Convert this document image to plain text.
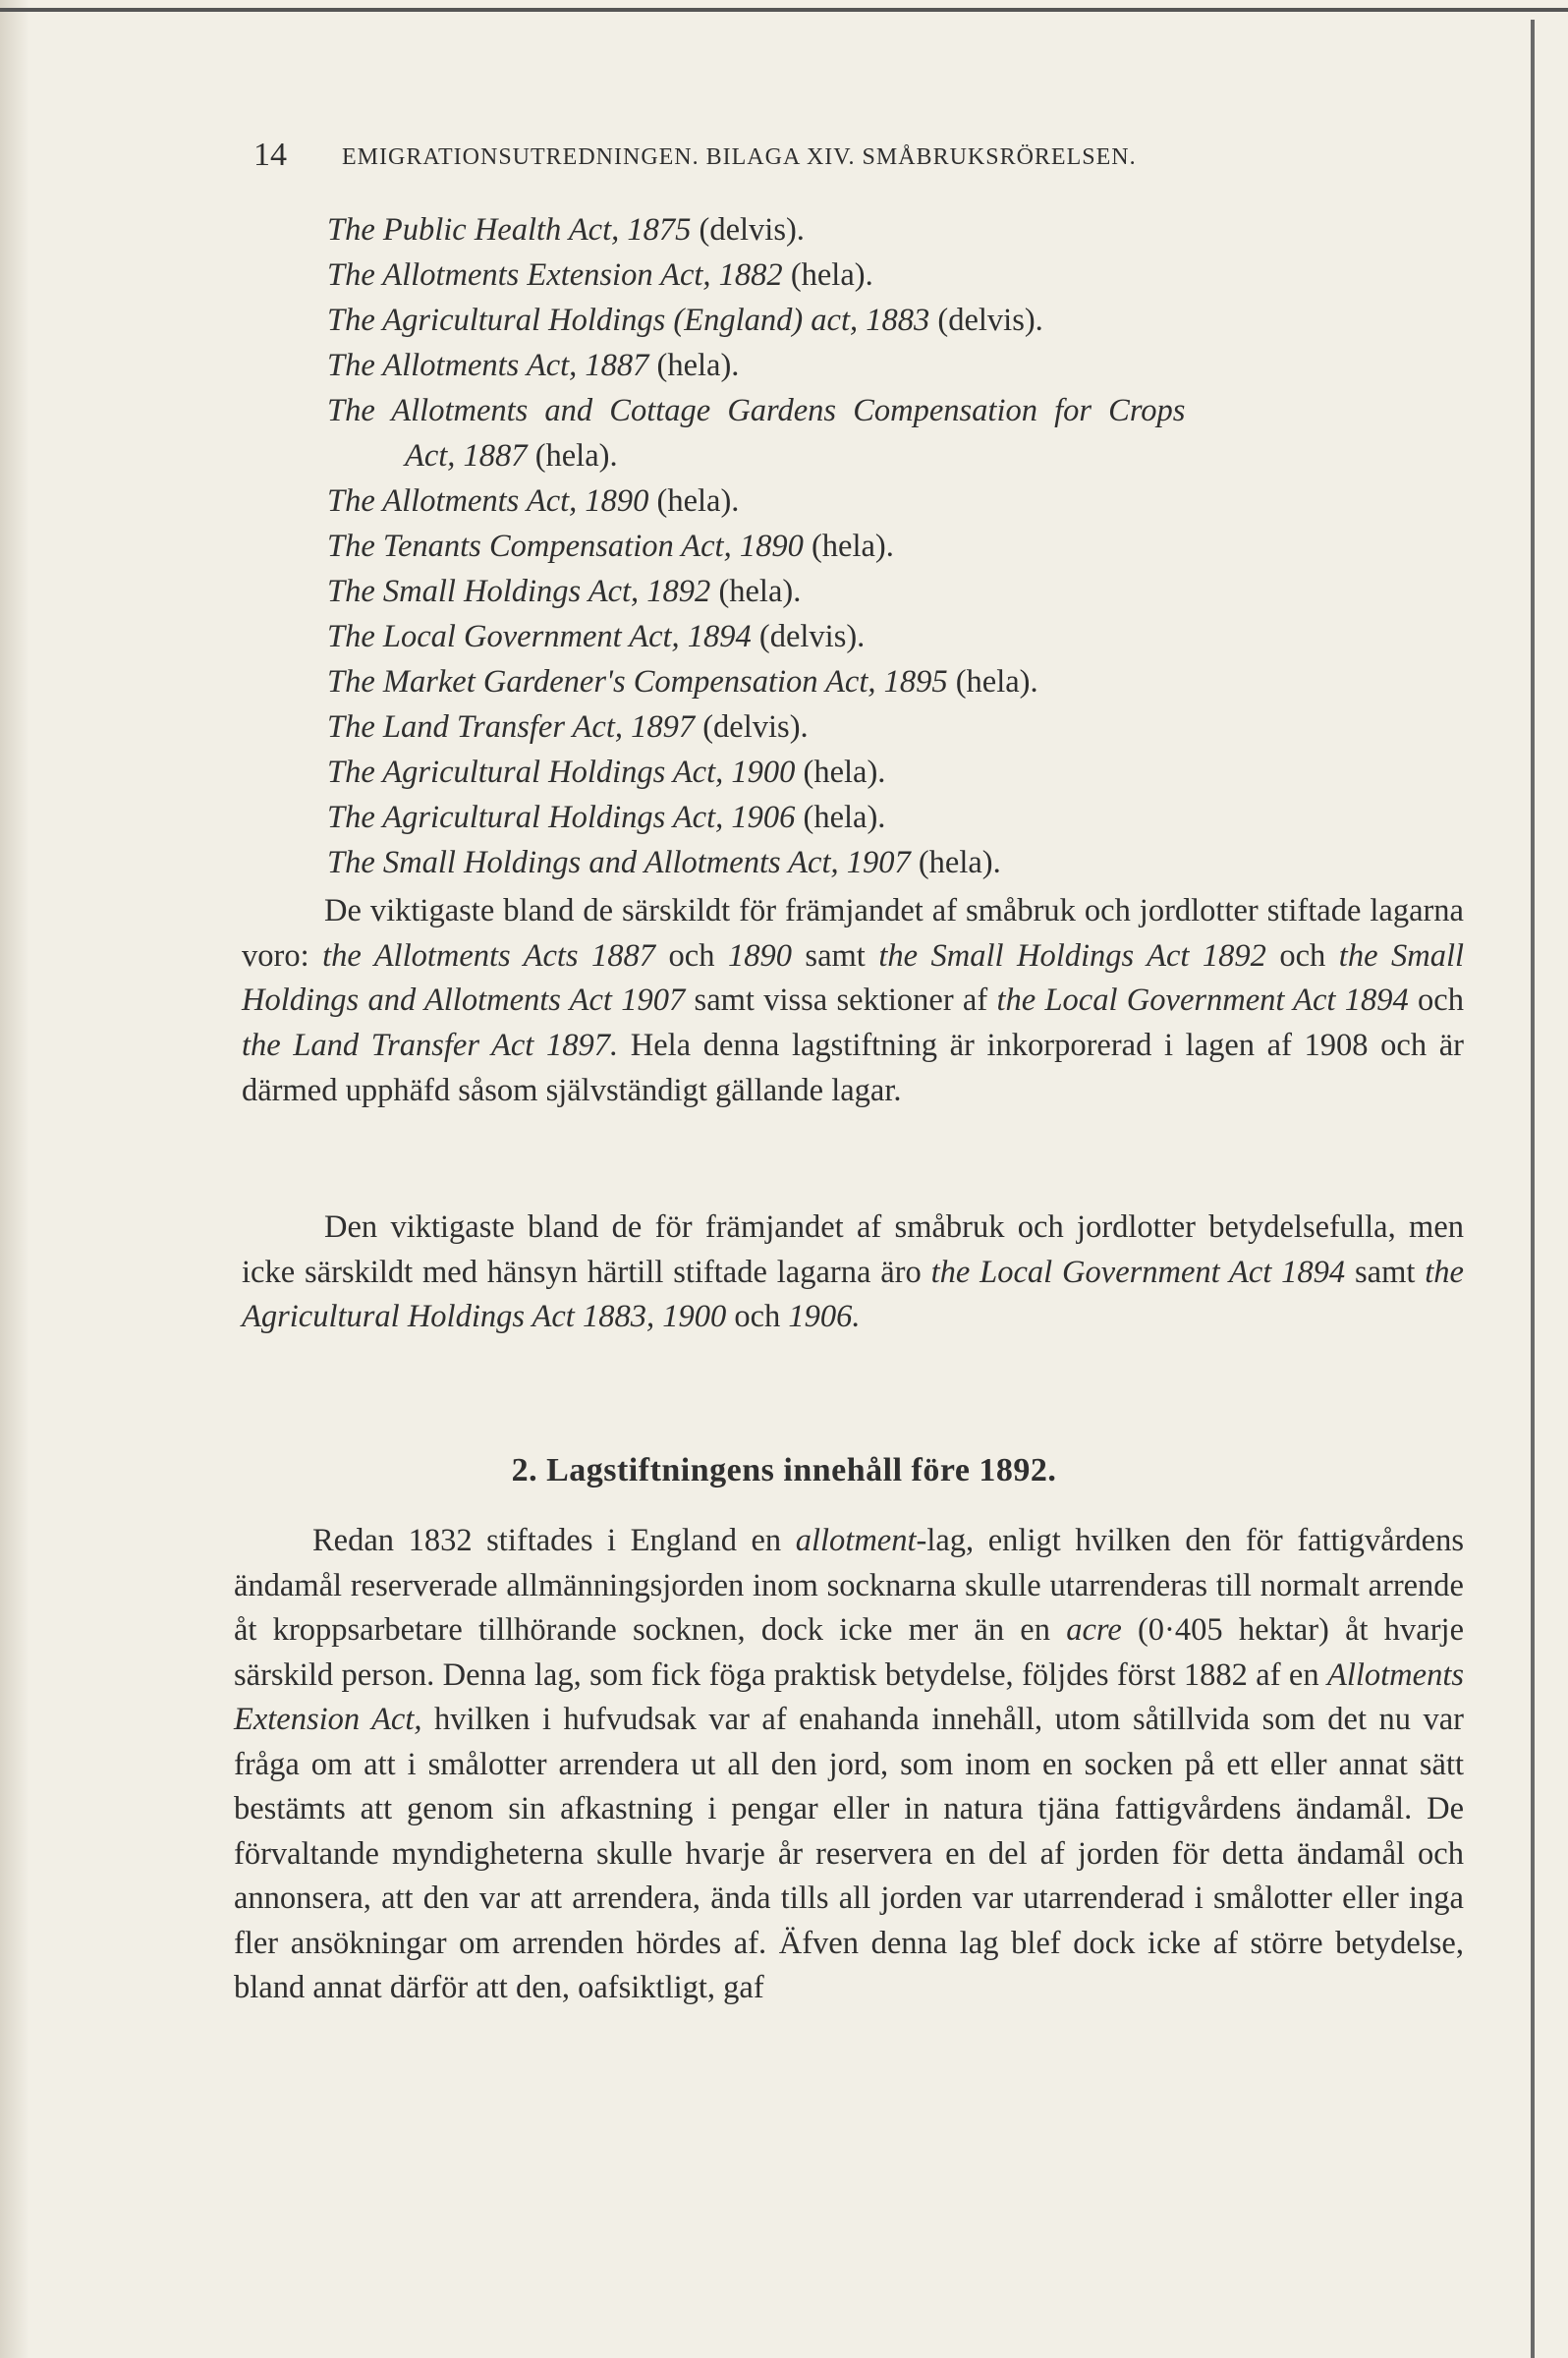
14 EMIGRATIONSUTREDNINGEN. BILAGA XIV. SMÅBRUKSRÖRELSEN.
The Public Health Act, 1875 (delvis).
The Allotments Extension Act, 1882 (hela).
The Agricultural Holdings (England) act, 1883 (delvis).
The Allotments Act, 1887 (hela).
The Allotments and Cottage Gardens Compensation for Crops
Act, 1887 (hela).
The Allotments Act, 1890 (hela).
The Tenants Compensation Act, 1890 (hela).
The Small Holdings Act, 1892 (hela).
The Local Government Act, 1894 (delvis).
The Market Gardener's Compensation Act, 1895 (hela).
The Land Transfer Act, 1897 (delvis).
The Agricultural Holdings Act, 1900 (hela).
The Agricultural Holdings Act, 1906 (hela).
The Small Holdings and Allotments Act, 1907 (hela).
De viktigaste bland de särskildt för främjandet af småbruk och jordlotter stiftade lagarna voro: the Allotments Acts 1887 och 1890 samt the Small Holdings Act 1892 och the Small Holdings and Allotments Act 1907 samt vissa sektioner af the Local Government Act 1894 och the Land Transfer Act 1897. Hela denna lagstiftning är inkorporerad i lagen af 1908 och är därmed upphäfd såsom självständigt gällande lagar.
Den viktigaste bland de för främjandet af småbruk och jordlotter betydelsefulla, men icke särskildt med hänsyn härtill stiftade lagarna äro the Local Government Act 1894 samt the Agricultural Holdings Act 1883, 1900 och 1906.
2. Lagstiftningens innehåll före 1892.
Redan 1832 stiftades i England en allotment-lag, enligt hvilken den för fattigvårdens ändamål reserverade allmänningsjorden inom socknarna skulle utarrenderas till normalt arrende åt kroppsarbetare tillhörande socknen, dock icke mer än en acre (0·405 hektar) åt hvarje särskild person. Denna lag, som fick föga praktisk betydelse, följdes först 1882 af en Allotments Extension Act, hvilken i hufvudsak var af enahanda innehåll, utom såtillvida som det nu var fråga om att i smålotter arrendera ut all den jord, som inom en socken på ett eller annat sätt bestämts att genom sin afkastning i pengar eller in natura tjäna fattigvårdens ändamål. De förvaltande myndigheterna skulle hvarje år reservera en del af jorden för detta ändamål och annonsera, att den var att arrendera, ända tills all jorden var utarrenderad i smålotter eller inga fler ansökningar om arrenden hördes af. Äfven denna lag blef dock icke af större betydelse, bland annat därför att den, oafsiktligt, gaf
